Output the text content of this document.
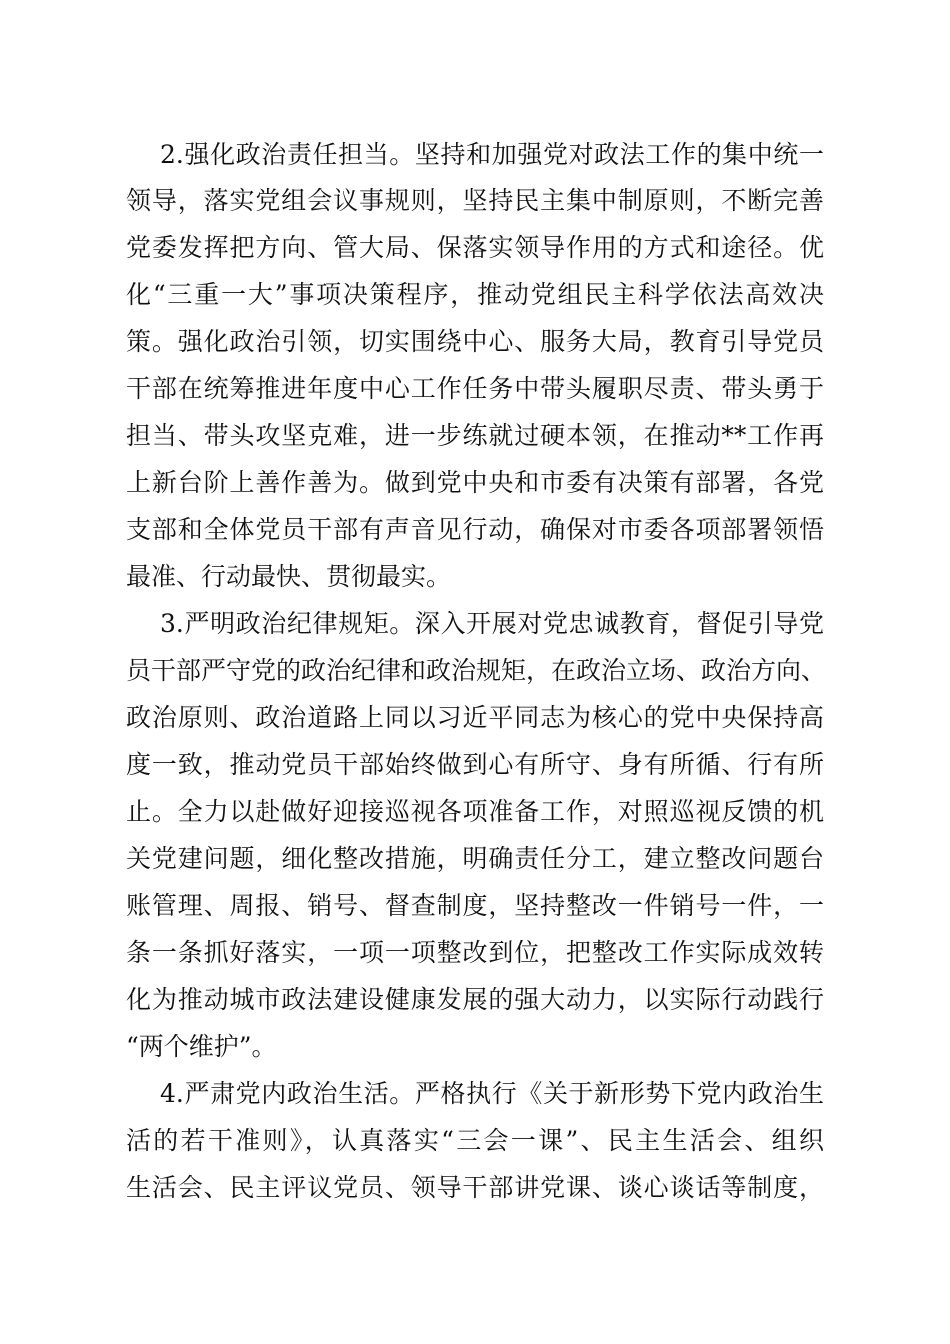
2.强化政治责任担当。坚持和加强党对政法工作的集中统一
领导，落实党组会议事规则，坚持民主集中制原则，不断完善
党委发挥把方向、管大局、保落实领导作用的方式和途径。优
化“三重一大”事项决策程序，推动党组民主科学依法高效决
策。强化政治引领，切实围绕中心、服务大局，教育引导党员
干部在统筹推进年度中心工作任务中带头履职尽责、带头勇于
担当、带头攻坚克难，进一步练就过硬本领，在推动**工作再
上新台阶上善作善为。做到党中央和市委有决策有部署，各党
支部和全体党员干部有声音见行动，确保对市委各项部署领悟
最准、行动最快、贯彻最实。
3.严明政治纪律规矩。深入开展对党忠诚教育，督促引导党
员干部严守党的政治纪律和政治规矩，在政治立场、政治方向、
政治原则、政治道路上同以习近平同志为核心的党中央保持高
度一致，推动党员干部始终做到心有所守、身有所循、行有所
止。全力以赴做好迎接巡视各项准备工作，对照巡视反馈的机
关党建问题，细化整改措施，明确责任分工，建立整改问题台
账管理、周报、销号、督查制度，坚持整改一件销号一件，一
条一条抓好落实，一项一项整改到位，把整改工作实际成效转
化为推动城市政法建设健康发展的强大动力，以实际行动践行
“两个维护”。
4.严肃党内政治生活。严格执行《关于新形势下党内政治生
活的若干准则》，认真落实“三会一课”、民主生活会、组织
生活会、民主评议党员、领导干部讲党课、谈心谈话等制度，
